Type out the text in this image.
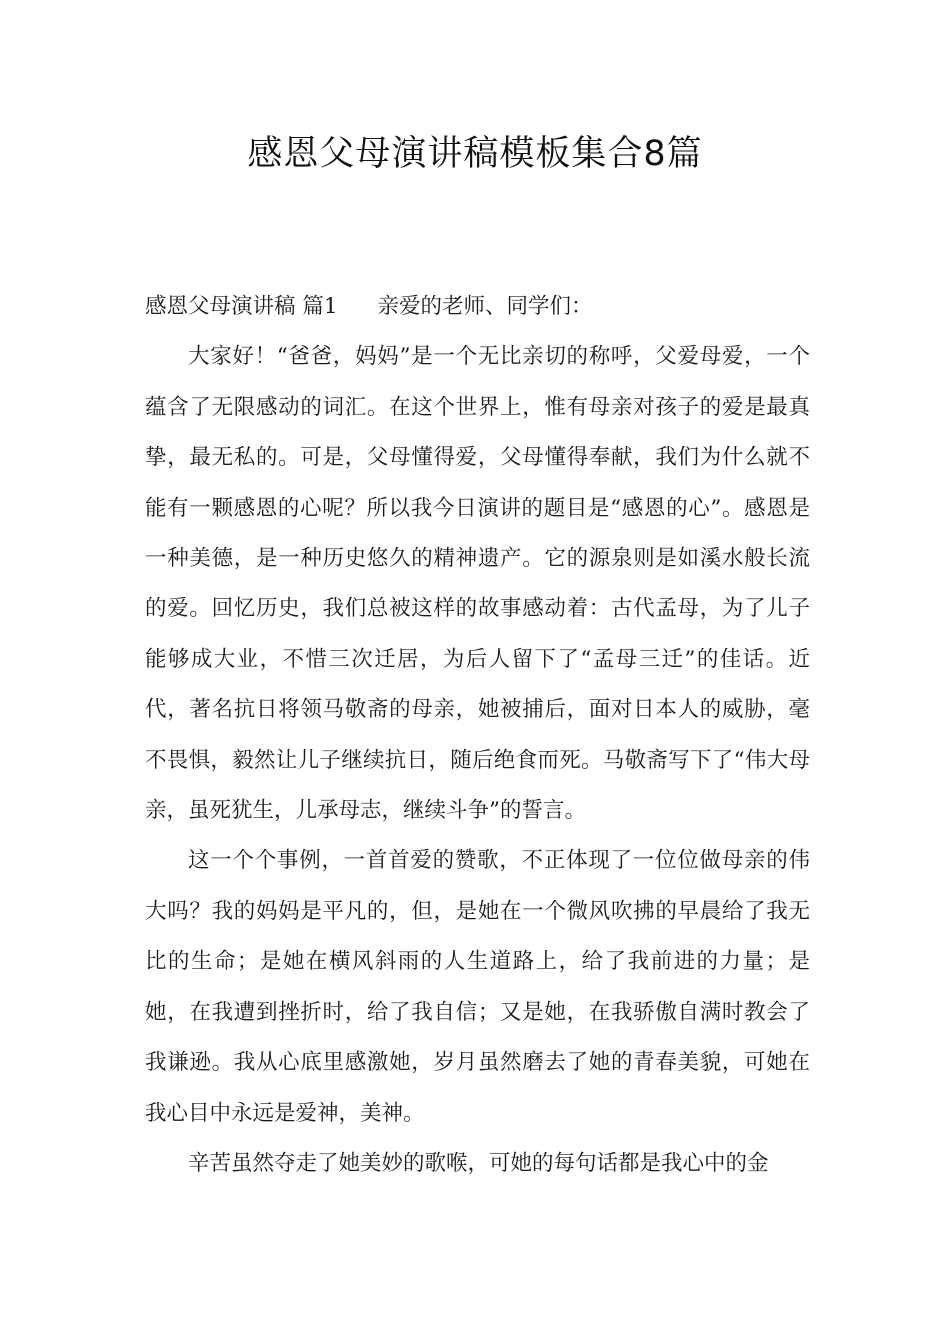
感恩父母演讲稿模板集合8篇

感恩父母演讲稿 篇1 亲爱的老师、同学们：

大家好！“爸爸，妈妈”是一个无比亲切的称呼，父爱母爱，一个蕴含了无限感动的词汇。在这个世界上，惟有母亲对孩子的爱是最真挚，最无私的。可是，父母懂得爱，父母懂得奉献，我们为什么就不能有一颗感恩的心呢？所以我今日演讲的题目是“感恩的心”。感恩是一种美德，是一种历史悠久的精神遗产。它的源泉则是如溪水般长流的爱。回忆历史，我们总被这样的故事感动着：古代孟母，为了儿子能够成大业，不惜三次迁居，为后人留下了“孟母三迁”的佳话。近代，著名抗日将领马敬斋的母亲，她被捕后，面对日本人的威胁，毫不畏惧，毅然让儿子继续抗日，随后绝食而死。马敬斋写下了“伟大母亲，虽死犹生，儿承母志，继续斗争”的誓言。

这一个个事例，一首首爱的赞歌，不正体现了一位位做母亲的伟大吗？我的妈妈是平凡的，但，是她在一个微风吹拂的早晨给了我无比的生命；是她在横风斜雨的人生道路上，给了我前进的力量；是她，在我遭到挫折时，给了我自信；又是她，在我骄傲自满时教会了我谦逊。我从心底里感激她，岁月虽然磨去了她的青春美貌，可她在我心目中永远是爱神，美神。

辛苦虽然夺走了她美妙的歌喉，可她的每句话都是我心中的金
